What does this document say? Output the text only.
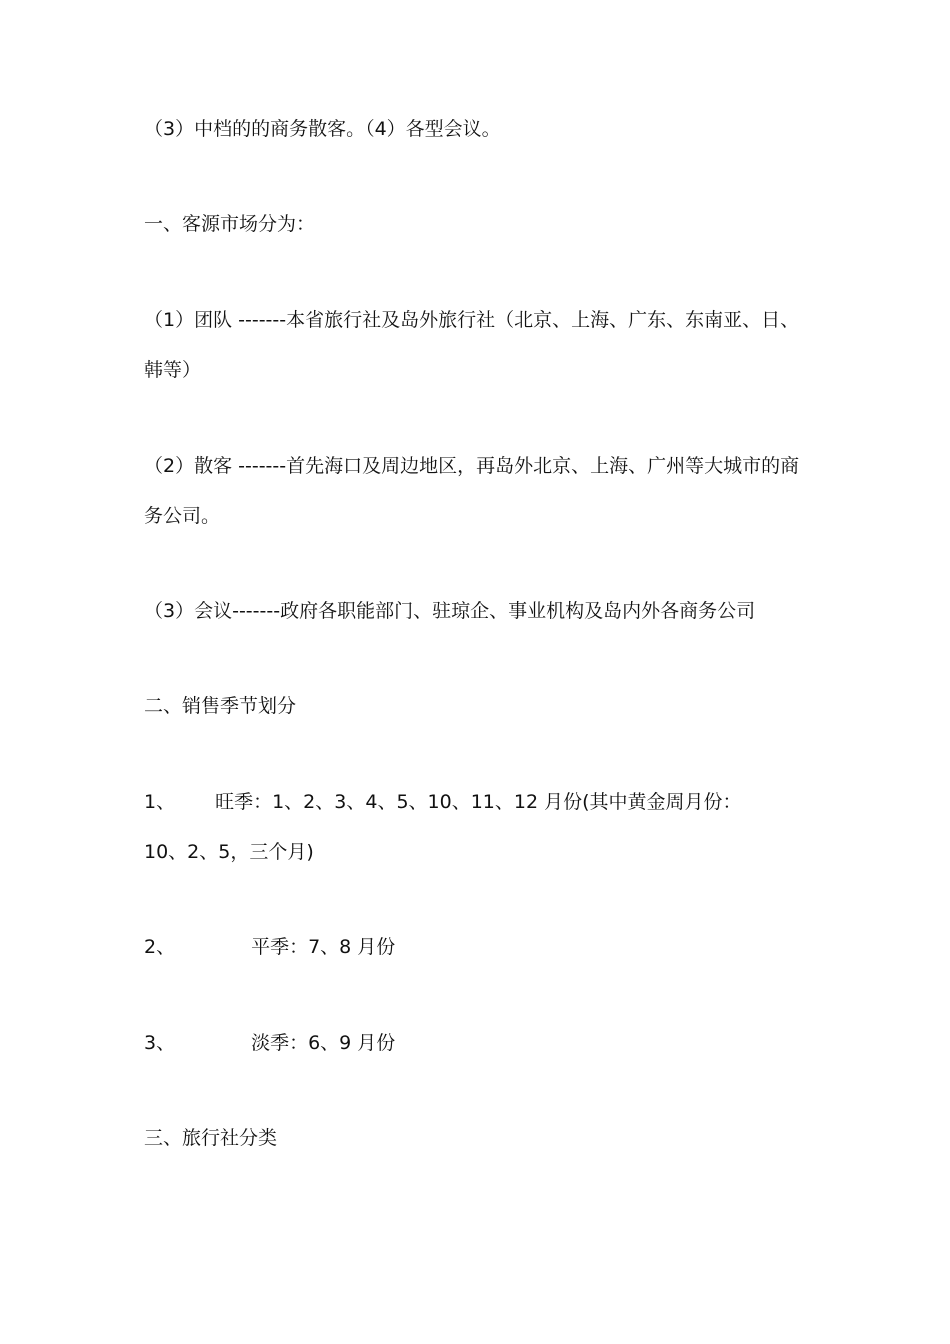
（3）中档的的商务散客。（4）各型会议。
一、客源市场分为：
（1）团队 -------本省旅行社及岛外旅行社（北京、上海、广东、东南亚、日、
韩等）
（2）散客 -------首先海口及周边地区，再岛外北京、上海、广州等大城市的商
务公司。
（3）会议-------政府各职能部门、驻琼企、事业机构及岛内外各商务公司
二、销售季节划分
1、 旺季：1、2、3、4、5、10、11、12 月份(其中黄金周月份：
10、2、5，三个月)
2、	平季：7、8 月份
3、	淡季：6、9 月份
三、旅行社分类
